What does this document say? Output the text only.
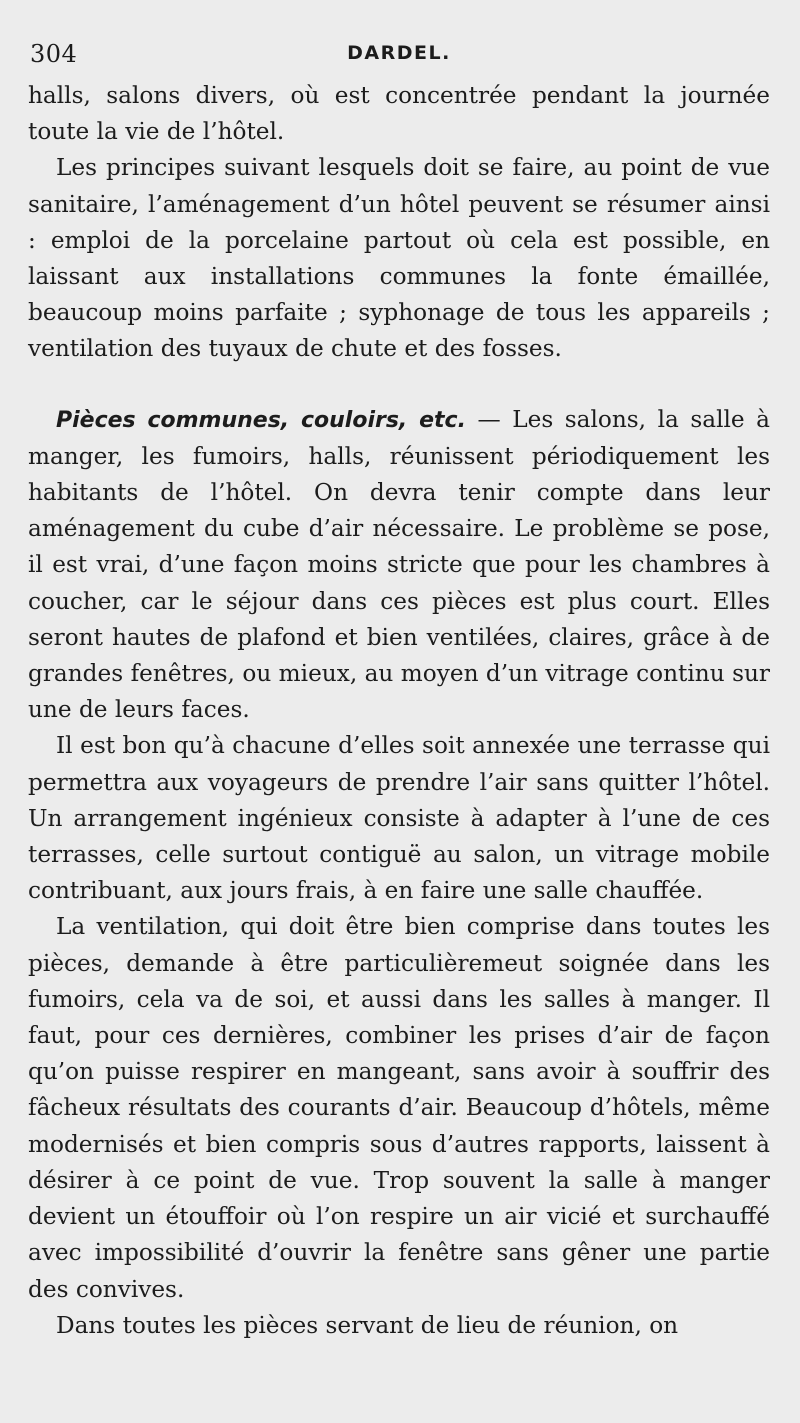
304	DARDEL.

halls, salons divers, où est concentrée pendant la journée toute la vie de l’hôtel.

Les principes suivant lesquels doit se faire, au point de vue sanitaire, l’aménagement d’un hôtel peuvent se résumer ainsi : emploi de la porcelaine partout où cela est possible, en laissant aux installations communes la fonte émaillée, beaucoup moins parfaite ; syphonage de tous les appareils ; ventilation des tuyaux de chute et des fosses.

Pièces communes, couloirs, etc. — Les salons, la salle à manger, les fumoirs, halls, réunissent périodiquement les habitants de l’hôtel. On devra tenir compte dans leur aménagement du cube d’air nécessaire. Le problème se pose, il est vrai, d’une façon moins stricte que pour les chambres à coucher, car le séjour dans ces pièces est plus court. Elles seront hautes de plafond et bien ventilées, claires, grâce à de grandes fenêtres, ou mieux, au moyen d’un vitrage continu sur une de leurs faces.

Il est bon qu’à chacune d’elles soit annexée une terrasse qui permettra aux voyageurs de prendre l’air sans quitter l’hôtel. Un arrangement ingénieux consiste à adapter à l’une de ces terrasses, celle surtout contiguë au salon, un vitrage mobile contribuant, aux jours frais, à en faire une salle chauffée.

La ventilation, qui doit être bien comprise dans toutes les pièces, demande à être particulièremeut soignée dans les fumoirs, cela va de soi, et aussi dans les salles à manger. Il faut, pour ces dernières, combiner les prises d’air de façon qu’on puisse respirer en mangeant, sans avoir à souffrir des fâcheux résultats des courants d’air. Beaucoup d’hôtels, même modernisés et bien compris sous d’autres rapports, laissent à désirer à ce point de vue. Trop souvent la salle à manger devient un étouffoir où l’on respire un air vicié et surchauffé avec impossibilité d’ouvrir la fenêtre sans gêner une partie des convives.

Dans toutes les pièces servant de lieu de réunion, on
